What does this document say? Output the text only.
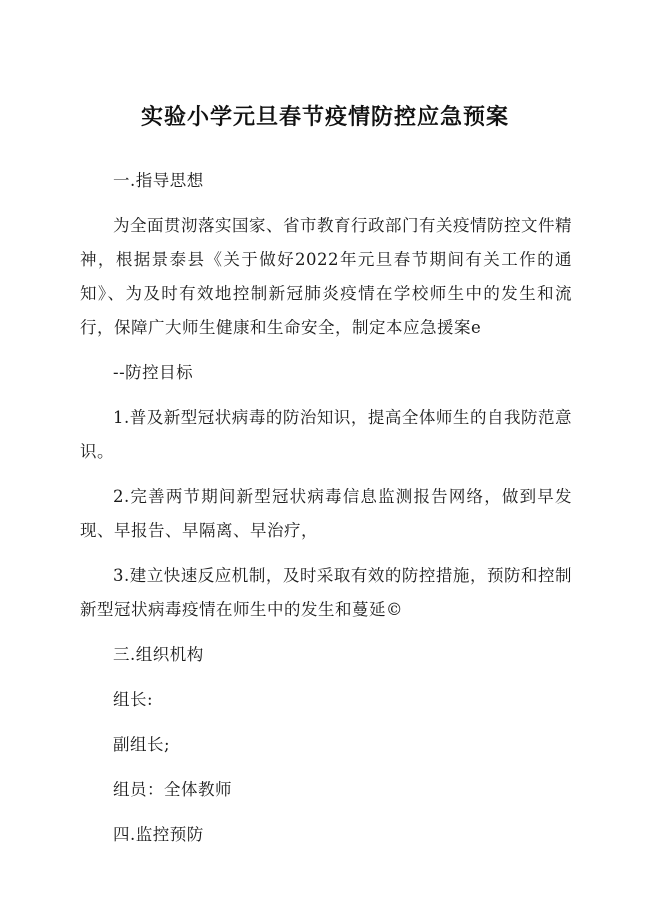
实验小学元旦春节疫情防控应急预案
一.指导思想
为全面贯沏落实国家、省市教育行政部门有关疫情防控文件精神，根据景泰县《关于做好2022年元旦春节期间有关工作的通知》、为及时有效地控制新冠肺炎疫情在学校师生中的发生和流行，保障广大师生健康和生命安全，制定本应急援案e
--防控目标
1.普及新型冠状病毒的防治知识，提高全体师生的自我防范意识。
2.完善两节期间新型冠状病毒信息监测报告网络，做到早发现、早报告、早隔离、早治疗，
3.建立快速反应机制，及时采取有效的防控措施，预防和控制新型冠状病毒疫情在师生中的发生和蔓延©
三.组织机构
组长:
副组长;
组员：全体教师
四.监控预防
